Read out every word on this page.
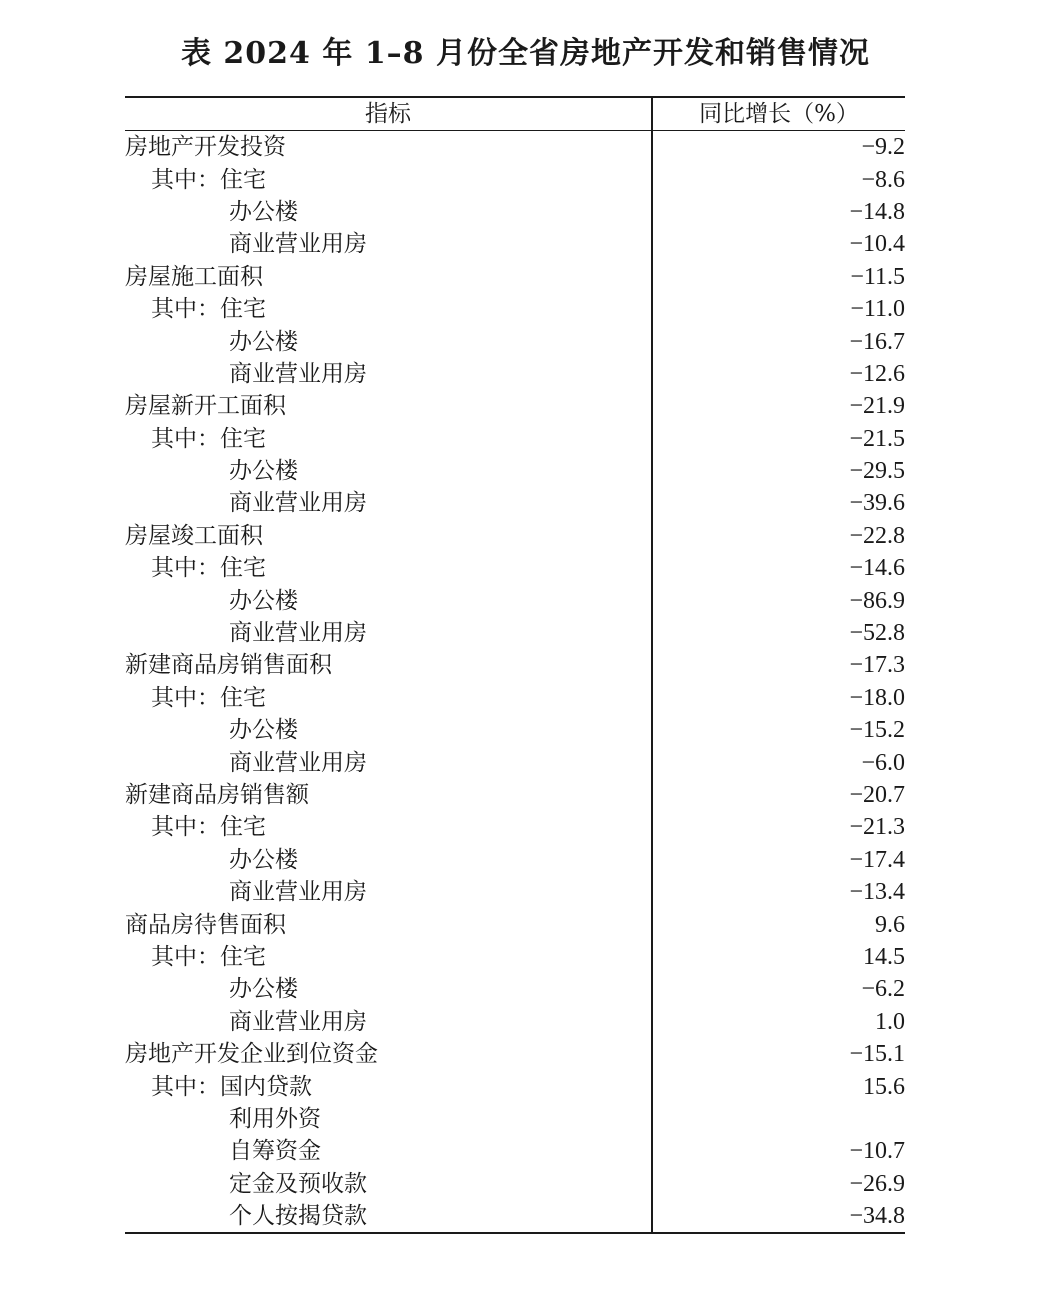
表 2024 年 1–8 月份全省房地产开发和销售情况
指标	同比增长（%）
房地产开发投资	−9.2
其中：住宅	−8.6
办公楼	−14.8
商业营业用房	−10.4
房屋施工面积	−11.5
其中：住宅	−11.0
办公楼	−16.7
商业营业用房	−12.6
房屋新开工面积	−21.9
其中：住宅	−21.5
办公楼	−29.5
商业营业用房	−39.6
房屋竣工面积	−22.8
其中：住宅	−14.6
办公楼	−86.9
商业营业用房	−52.8
新建商品房销售面积	−17.3
其中：住宅	−18.0
办公楼	−15.2
商业营业用房	−6.0
新建商品房销售额	−20.7
其中：住宅	−21.3
办公楼	−17.4
商业营业用房	−13.4
商品房待售面积	9.6
其中：住宅	14.5
办公楼	−6.2
商业营业用房	1.0
房地产开发企业到位资金	−15.1
其中：国内贷款	15.6
利用外资	
自筹资金	−10.7
定金及预收款	−26.9
个人按揭贷款	−34.8
